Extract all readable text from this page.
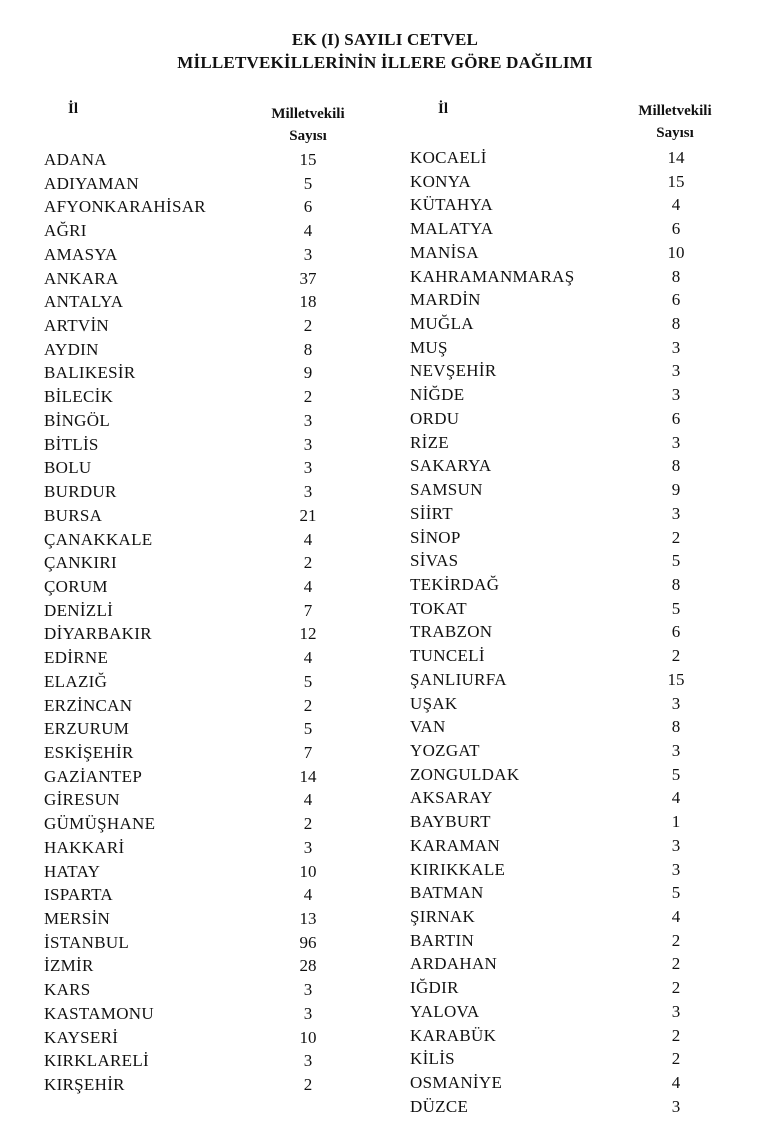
EK (I) SAYILI CETVEL
MİLLETVEKİLLERİNİN İLLERE GÖRE DAĞILIMI
İl	Milletvekili
Sayısı
İl	Milletvekili
Sayısı
ADANA	15
ADIYAMAN	5
AFYONKARAHİSAR	6
AĞRI	4
AMASYA	3
ANKARA	37
ANTALYA	18
ARTVİN	2
AYDIN	8
BALIKESİR	9
BİLECİK	2
BİNGÖL	3
BİTLİS	3
BOLU	3
BURDUR	3
BURSA	21
ÇANAKKALE	4
ÇANKIRI	2
ÇORUM	4
DENİZLİ	7
DİYARBAKIR	12
EDİRNE	4
ELAZIĞ	5
ERZİNCAN	2
ERZURUM	5
ESKİŞEHİR	7
GAZİANTEP	14
GİRESUN	4
GÜMÜŞHANE	2
HAKKARİ	3
HATAY	10
ISPARTA	4
MERSİN	13
İSTANBUL	96
İZMİR	28
KARS	3
KASTAMONU	3
KAYSERİ	10
KIRKLARELİ	3
KIRŞEHİR	2
KOCAELİ	14
KONYA	15
KÜTAHYA	4
MALATYA	6
MANİSA	10
KAHRAMANMARAŞ	8
MARDİN	6
MUĞLA	8
MUŞ	3
NEVŞEHİR	3
NİĞDE	3
ORDU	6
RİZE	3
SAKARYA	8
SAMSUN	9
SİİRT	3
SİNOP	2
SİVAS	5
TEKİRDAĞ	8
TOKAT	5
TRABZON	6
TUNCELİ	2
ŞANLIURFA	15
UŞAK	3
VAN	8
YOZGAT	3
ZONGULDAK	5
AKSARAY	4
BAYBURT	1
KARAMAN	3
KIRIKKALE	3
BATMAN	5
ŞIRNAK	4
BARTIN	2
ARDAHAN	2
IĞDIR	2
YALOVA	3
KARABÜK	2
KİLİS	2
OSMANİYE	4
DÜZCE	3
